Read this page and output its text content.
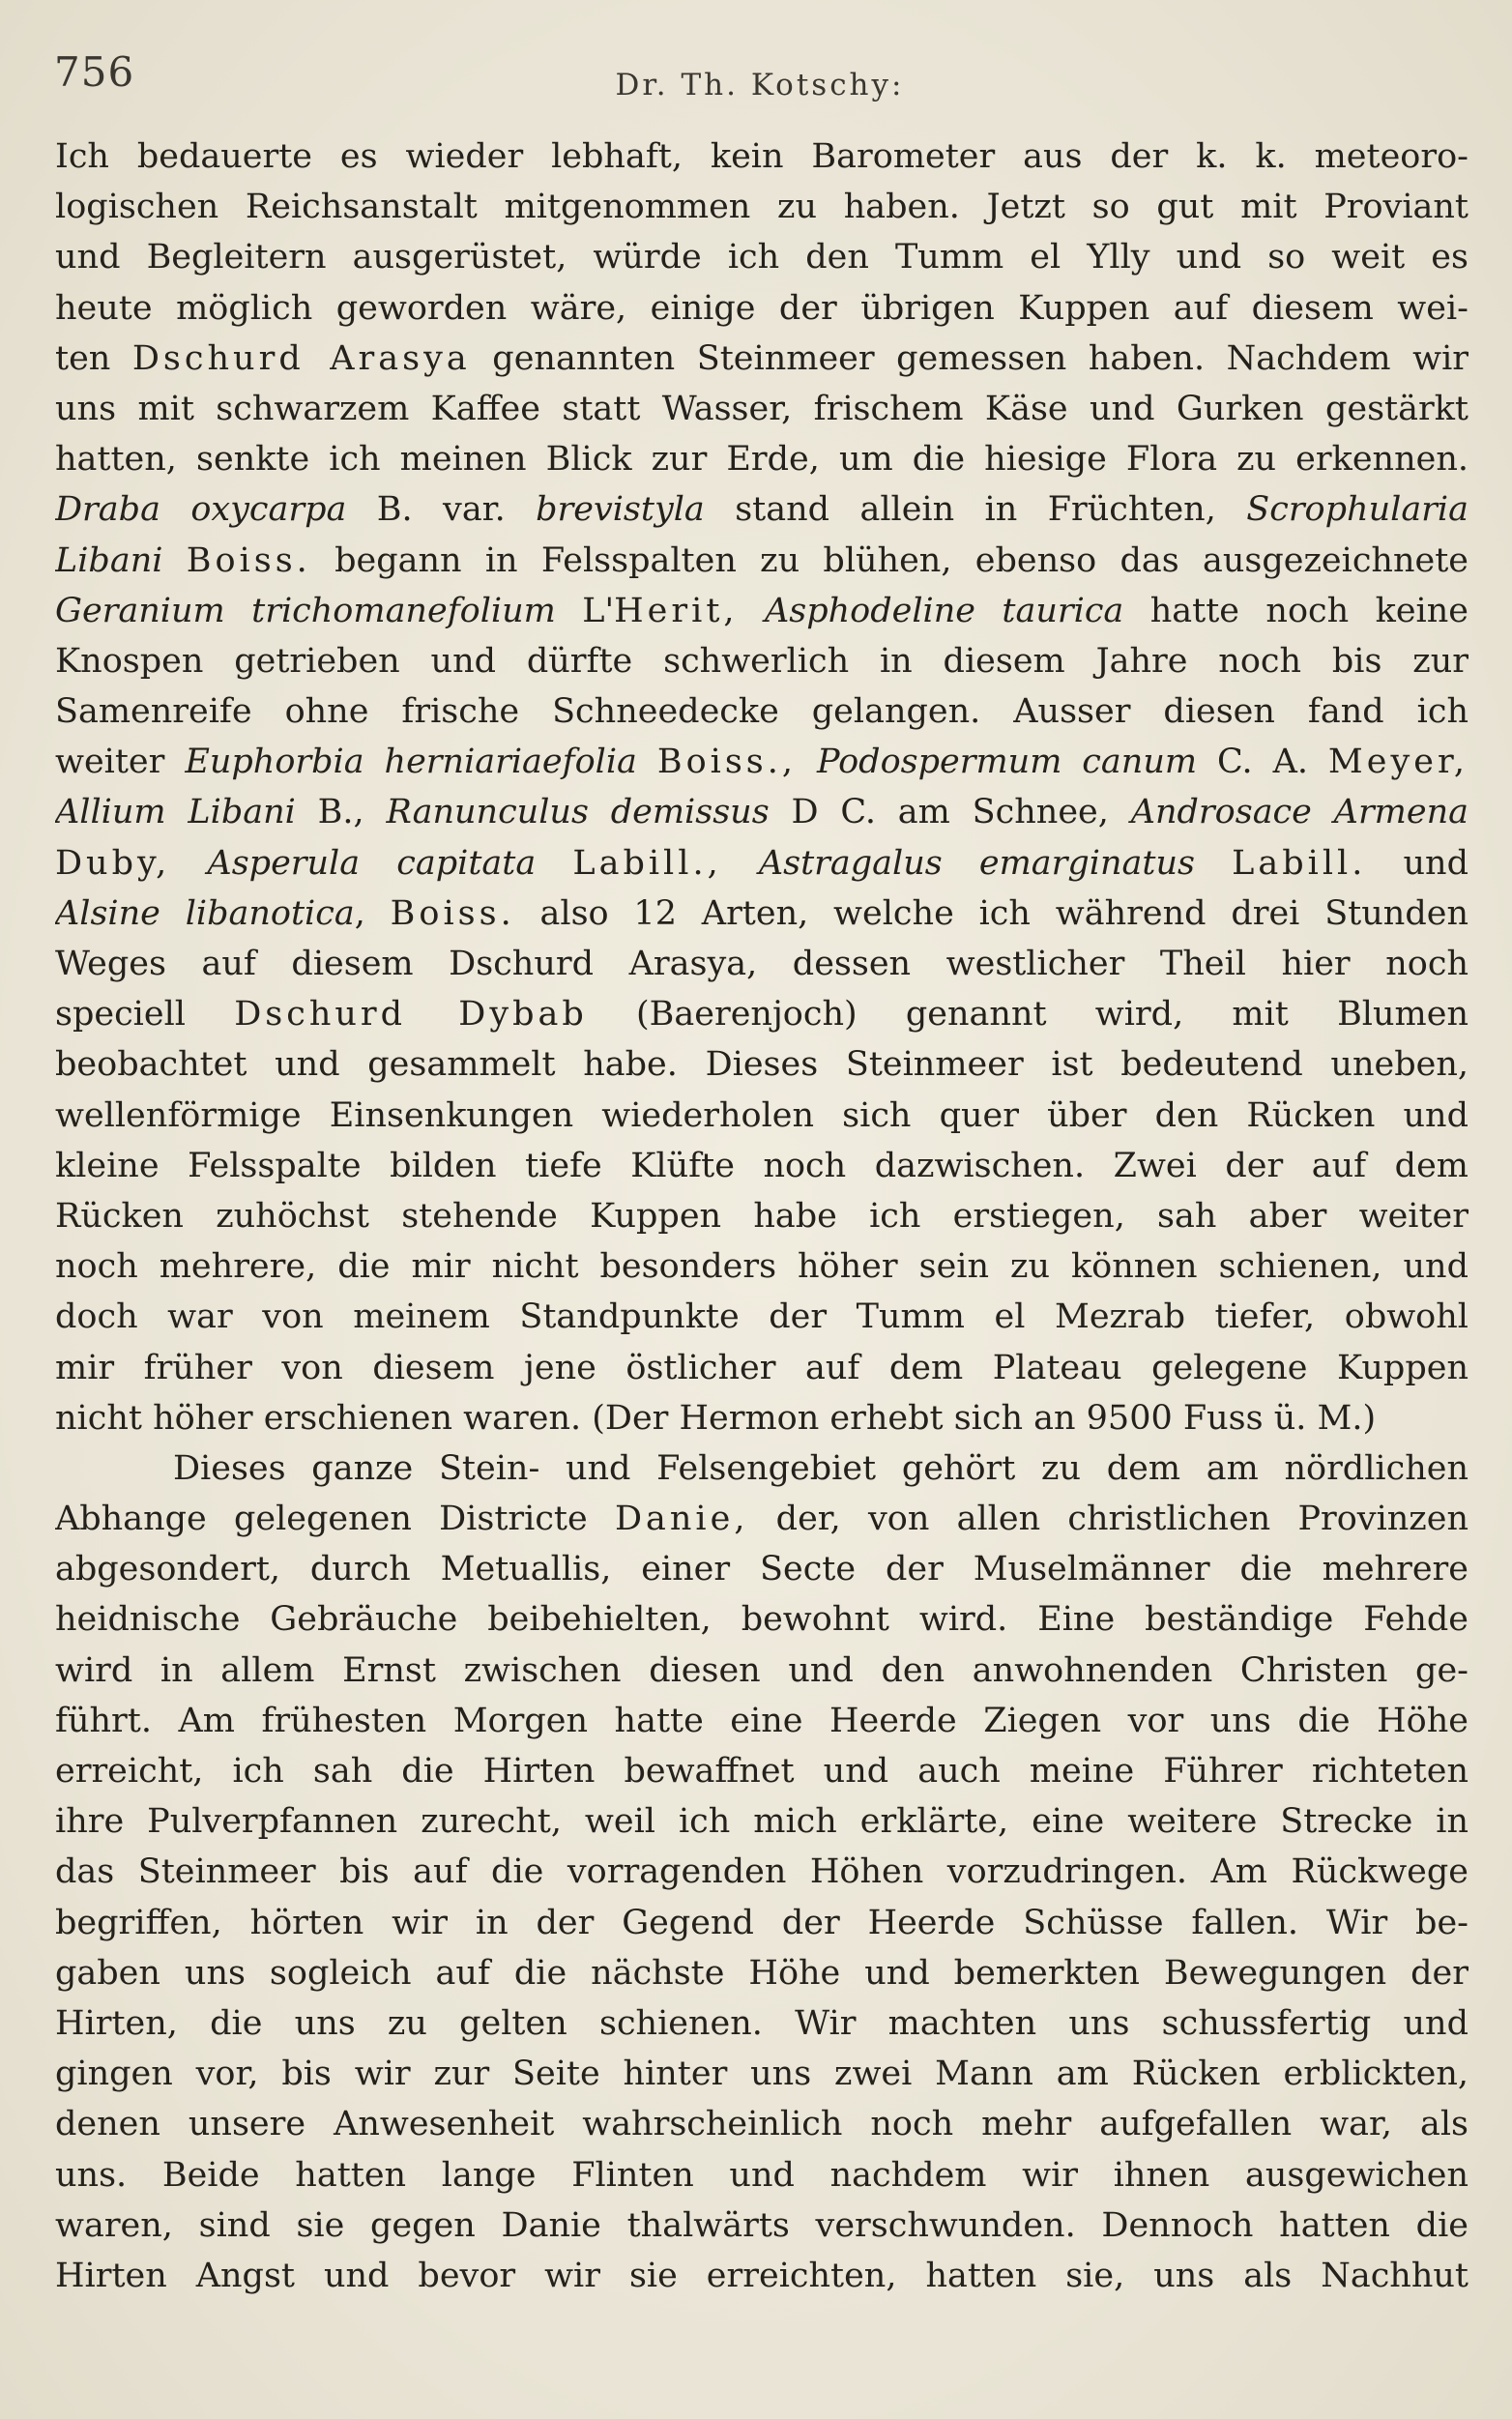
756	Dr. Th. Kotschy:
Ich bedauerte es wieder lebhaft, kein Barometer aus der k. k. meteoro-
logischen Reichsanstalt mitgenommen zu haben. Jetzt so gut mit Proviant
und Begleitern ausgerüstet, würde ich den Tumm el Ylly und so weit es
heute möglich geworden wäre, einige der übrigen Kuppen auf diesem wei-
ten Dschurd Arasya genannten Steinmeer gemessen haben. Nachdem wir
uns mit schwarzem Kaffee statt Wasser, frischem Käse und Gurken gestärkt
hatten, senkte ich meinen Blick zur Erde, um die hiesige Flora zu erkennen.
Draba oxycarpa B. var. brevistyla stand allein in Früchten, Scrophularia
Libani Boiss. begann in Felsspalten zu blühen, ebenso das ausgezeichnete
Geranium trichomanefolium L'Herit, Asphodeline taurica hatte noch keine
Knospen getrieben und dürfte schwerlich in diesem Jahre noch bis zur
Samenreife ohne frische Schneedecke gelangen. Ausser diesen fand ich
weiter Euphorbia herniariaefolia Boiss., Podospermum canum C. A. Meyer,
Allium Libani B., Ranunculus demissus D C. am Schnee, Androsace Armena
Duby, Asperula capitata Labill., Astragalus emarginatus Labill. und
Alsine libanotica, Boiss. also 12 Arten, welche ich während drei Stunden
Weges auf diesem Dschurd Arasya, dessen westlicher Theil hier noch
speciell Dschurd Dybab (Baerenjoch) genannt wird, mit Blumen
beobachtet und gesammelt habe. Dieses Steinmeer ist bedeutend uneben,
wellenförmige Einsenkungen wiederholen sich quer über den Rücken und
kleine Felsspalte bilden tiefe Klüfte noch dazwischen. Zwei der auf dem
Rücken zuhöchst stehende Kuppen habe ich erstiegen, sah aber weiter
noch mehrere, die mir nicht besonders höher sein zu können schienen, und
doch war von meinem Standpunkte der Tumm el Mezrab tiefer, obwohl
mir früher von diesem jene östlicher auf dem Plateau gelegene Kuppen
nicht höher erschienen waren. (Der Hermon erhebt sich an 9500 Fuss ü. M.)
Dieses ganze Stein- und Felsengebiet gehört zu dem am nördlichen
Abhange gelegenen Districte Danie, der, von allen christlichen Provinzen
abgesondert, durch Metuallis, einer Secte der Muselmänner die mehrere
heidnische Gebräuche beibehielten, bewohnt wird. Eine beständige Fehde
wird in allem Ernst zwischen diesen und den anwohnenden Christen ge-
führt. Am frühesten Morgen hatte eine Heerde Ziegen vor uns die Höhe
erreicht, ich sah die Hirten bewaffnet und auch meine Führer richteten
ihre Pulverpfannen zurecht, weil ich mich erklärte, eine weitere Strecke in
das Steinmeer bis auf die vorragenden Höhen vorzudringen. Am Rückwege
begriffen, hörten wir in der Gegend der Heerde Schüsse fallen. Wir be-
gaben uns sogleich auf die nächste Höhe und bemerkten Bewegungen der
Hirten, die uns zu gelten schienen. Wir machten uns schussfertig und
gingen vor, bis wir zur Seite hinter uns zwei Mann am Rücken erblickten,
denen unsere Anwesenheit wahrscheinlich noch mehr aufgefallen war, als
uns. Beide hatten lange Flinten und nachdem wir ihnen ausgewichen
waren, sind sie gegen Danie thalwärts verschwunden. Dennoch hatten die
Hirten Angst und bevor wir sie erreichten, hatten sie, uns als Nachhut
